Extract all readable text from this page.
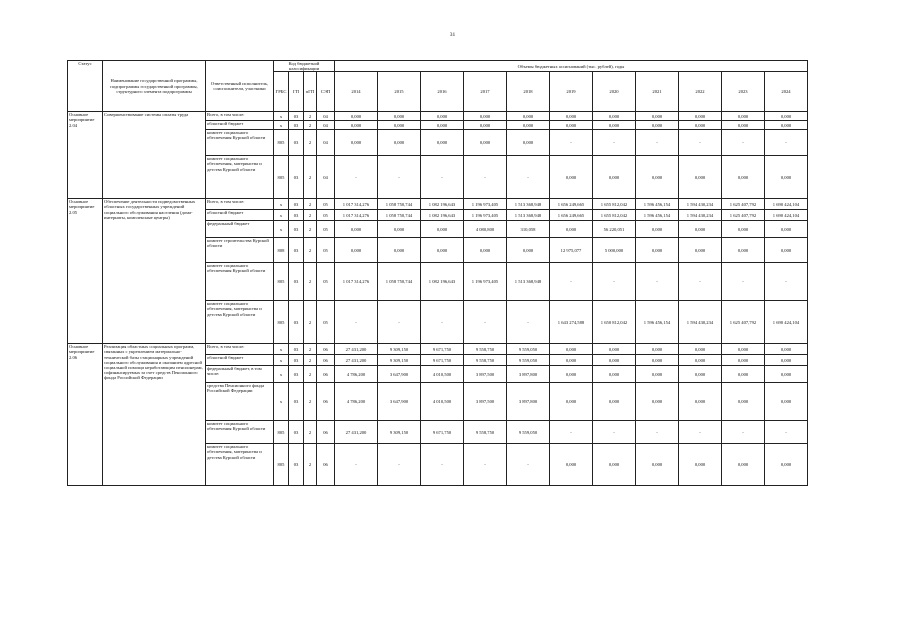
31
Статус	Наименование государственной программы, подпрограммы государственной программы, структурного элемента подпрограммы	Ответственный исполнитель, соисполнители, участники	Код бюджетной классификации				Объемы бюджетных ассигнований (тыс. рублей), годы										
			ГРБС	ГП	пГП	СЭП	2014	2015	2016	2017	2018	2019	2020	2021	2022	2023	2024
Основное мероприятие 2.04	Совершенствование системы оплаты труда	Всего, в том числе:	х	03	2	04	0,000	0,000	0,000	0,000	0,000	0,000	0,000	0,000	0,000	0,000	0,000
		областной бюджет	х	03	2	04	0,000	0,000	0,000	0,000	0,000	0,000	0,000	0,000	0,000	0,000	0,000
		комитет социального обеспечения Курской области	805	03	2	04	0,000	0,000	0,000	0,000	0,000	-	-	-	-	-	-
		комитет социального обеспечения, материнства и детства Курской области	805	03	2	04	-	-	-	-	-	0,000	0,000	0,000	0,000	0,000	0,000
Основное мероприятие 2.05	Обеспечение деятельности подведомственных областных государственных учреждений социального обслуживания населения (дома-интернаты, комплексные центры)	Всего, в том числе:	х	03	2	05	1 017 314,276	1 058 750,744	1 082 196,643	1 196 973,405	1 513 368,948	1 656 249,665	1 655 812,042	1 596 456,154	1 594 430,234	1 625 407,792	1 690 424,104
		областной бюджет	х	03	2	05	1 017 314,276	1 058 750,744	1 082 196,643	1 196 973,405	1 513 368,948	1 656 249,665	1 655 812,042	1 596 456,154	1 594 430,234	1 625 407,792	1 690 424,104
		федеральный бюджет	х	03	2	05	0,000	0,000	0,000	4 080,800	310,058	0,000	56 220,051	0,000	0,000	0,000	0,000
		комитет строительства Курской области	808	03	2	05	0,000	0,000	0,000	0,000	0,000	12 975,077	5 000,000	0,000	0,000	0,000	0,000
		комитет социального обеспечения Курской области	805	03	2	05	1 017 314,276	1 058 750,744	1 082 196,643	1 196 973,405	1 513 368,948	-	-	-	-	-	-
		комитет социального обеспечения, материнства и детства Курской области	805	03	2	05	-	-	-	-	-	1 643 274,588	1 650 812,042	1 596 456,154	1 594 430,234	1 625 407,792	1 690 424,104
Основное мероприятие 2.06	Реализация областных социальных программ, связанных с укреплением материально-технической базы стационарных учреждений социального обслуживания и оказанием адресной социальной помощи неработающим пенсионерам, софинансируемых за счет средств Пенсионного фонда Российской Федерации	Всего, в том числе:	х	03	2	06	27 431,200	9 309,150	9 671,750	9 558,750	9 559,050	0,000	0,000	0,000	0,000	0,000	0,000
		областной бюджет	х	03	2	06	27 431,200	9 309,150	9 671,750	9 558,750	9 559,050	0,000	0,000	0,000	0,000	0,000	0,000
		федеральный бюджет, в том числе:	х	03	2	06	4 786,200	3 647,900	4 010,500	3 897,500	3 897,800	0,000	0,000	0,000	0,000	0,000	0,000
		средства Пенсионного фонда Российской Федерации	х	03	2	06	4 786,200	3 647,900	4 010,500	3 897,500	3 897,800	0,000	0,000	0,000	0,000	0,000	0,000
		комитет социального обеспечения Курской области	805	03	2	06	27 431,200	9 309,150	9 671,750	9 558,750	9 559,050	-	-	-	-	-	-
		комитет социального обеспечения, материнства и детства Курской области	805	03	2	06	-	-	-	-	-	0,000	0,000	0,000	0,000	0,000	0,000
